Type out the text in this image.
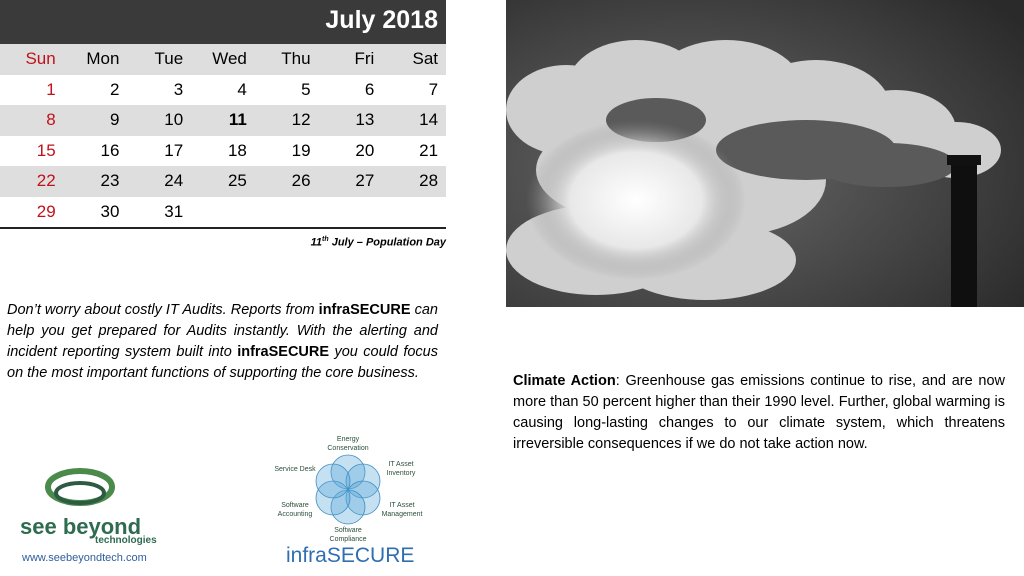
July 2018
Sun	Mon	Tue	Wed	Thu	Fri	Sat
1	2	3	4	5	6	7
8	9	10	11	12	13	14
15	16	17	18	19	20	21
22	23	24	25	26	27	28
29	30	31
11th July – Population Day
Don’t worry about costly IT Audits. Reports from infraSECURE can help you get prepared for Audits instantly. With the alerting and incident reporting system built into infraSECURE you could focus on the most important functions of supporting the core business.	Climate Action: Greenhouse gas emissions continue to rise, and are now more than 50 percent higher than their 1990 level. Further, global warming is causing long-lasting changes to our climate system, which threatens irreversible consequences if we do not take action now.
see beyond
technologies
www.seebeyondtech.com
Energy
Conservation
Service Desk
IT Asset
Inventory
Software
Accounting
IT Asset
Management
Software
Compliance
infraSECURE
